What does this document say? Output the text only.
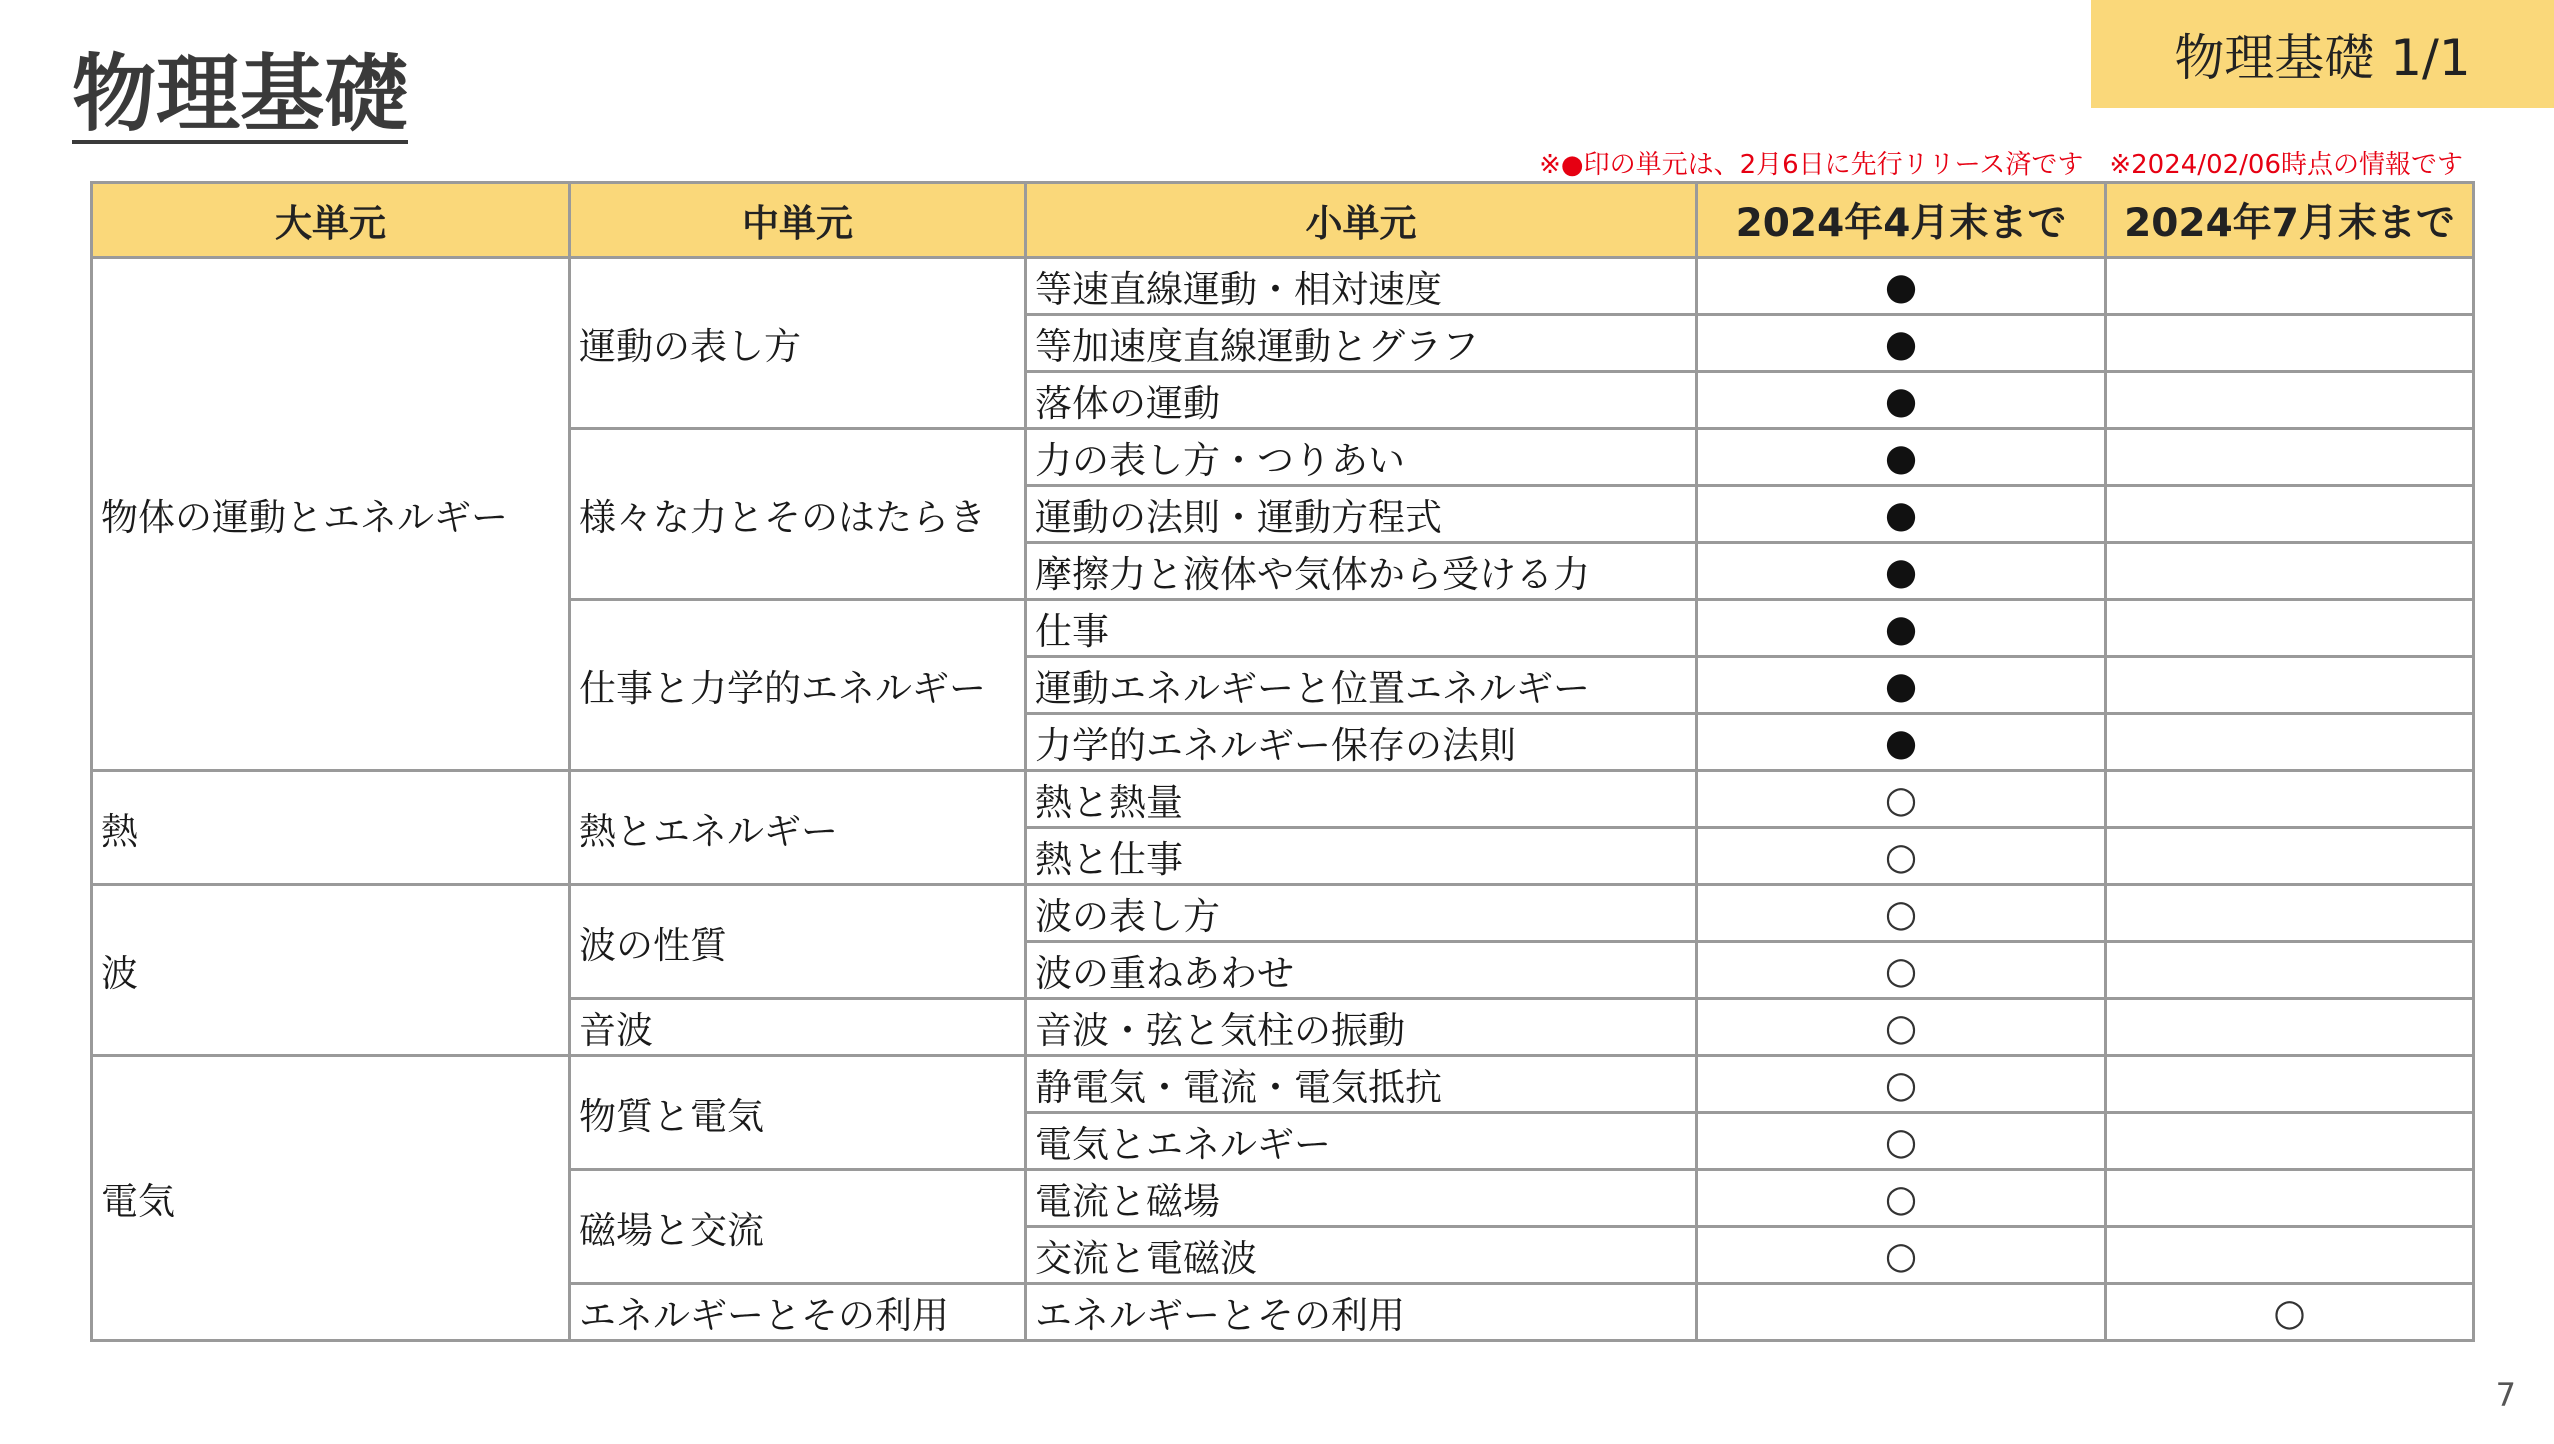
物理基礎	物理基礎 1/1
※●印の単元は、2月6日に先行リリース済です　※2024/02/06時点の情報です
大単元	中単元	小単元	2024年4月末まで	2024年7月末まで
物体の運動とエネルギー	運動の表し方	等速直線運動・相対速度	●	
		等加速度直線運動とグラフ	●	
		落体の運動	●	
	様々な力とそのはたらき	力の表し方・つりあい	●	
		運動の法則・運動方程式	●	
		摩擦力と液体や気体から受ける力	●	
	仕事と力学的エネルギー	仕事	●	
		運動エネルギーと位置エネルギー	●	
		力学的エネルギー保存の法則	●	
熱	熱とエネルギー	熱と熱量	○	
		熱と仕事	○	
波	波の性質	波の表し方	○	
		波の重ねあわせ	○	
	音波	音波・弦と気柱の振動	○	
電気	物質と電気	静電気・電流・電気抵抗	○	
		電気とエネルギー	○	
	磁場と交流	電流と磁場	○	
		交流と電磁波	○	
	エネルギーとその利用	エネルギーとその利用		○
7
